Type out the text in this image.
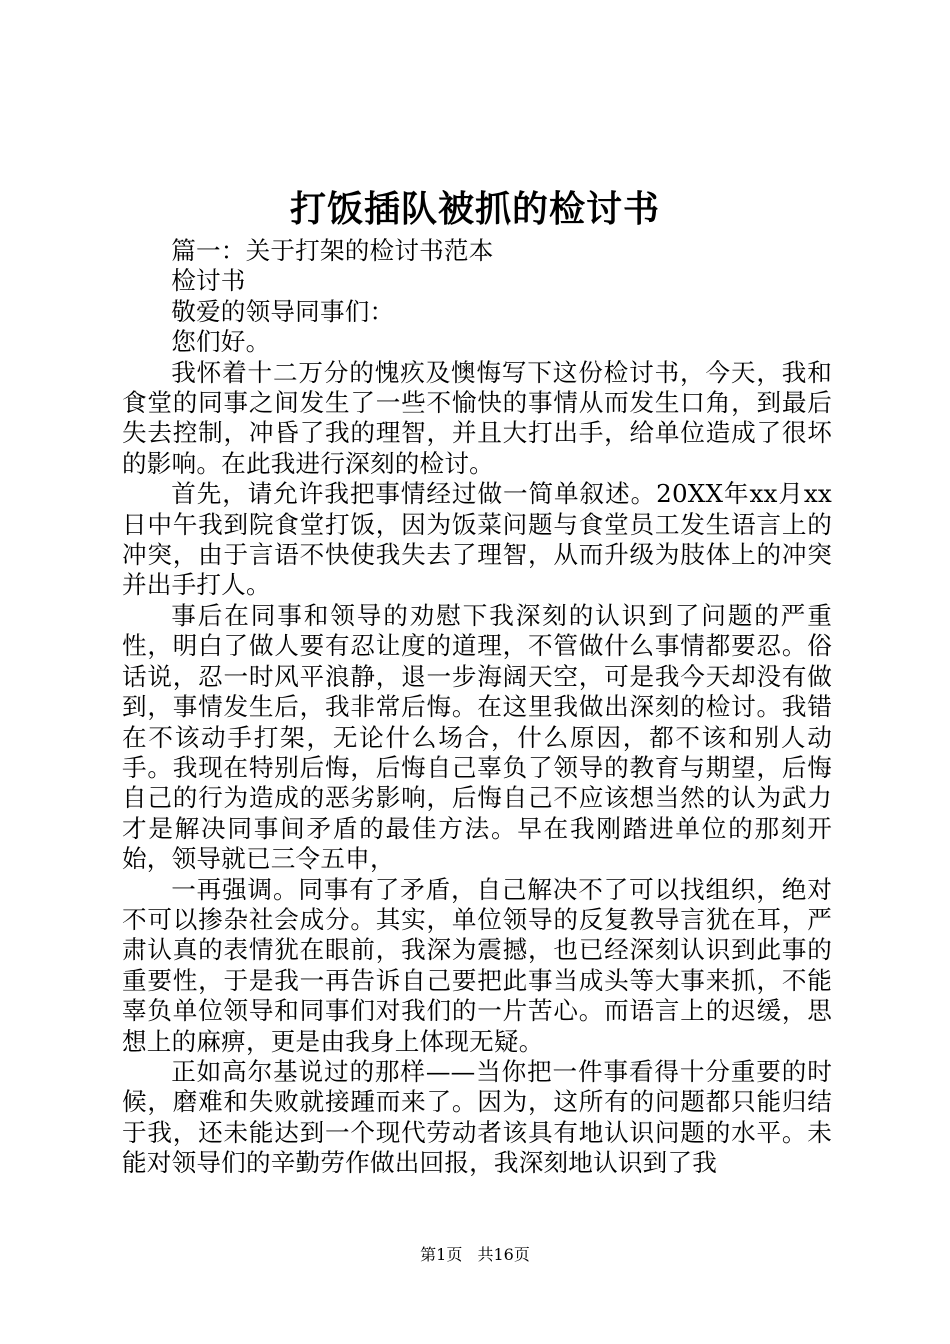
打饭插队被抓的检讨书

篇一：关于打架的检讨书范本

检讨书

敬爱的领导同事们：

您们好。

我怀着十二万分的愧疚及懊悔写下这份检讨书，今天，我和食堂的同事之间发生了一些不愉快的事情从而发生口角，到最后失去控制，冲昏了我的理智，并且大打出手，给单位造成了很坏的影响。在此我进行深刻的检讨。

首先，请允许我把事情经过做一简单叙述。20XX年xx月xx日中午我到院食堂打饭，因为饭菜问题与食堂员工发生语言上的冲突，由于言语不快使我失去了理智，从而升级为肢体上的冲突并出手打人。

事后在同事和领导的劝慰下我深刻的认识到了问题的严重性，明白了做人要有忍让度的道理，不管做什么事情都要忍。俗话说，忍一时风平浪静，退一步海阔天空，可是我今天却没有做到，事情发生后，我非常后悔。在这里我做出深刻的检讨。我错在不该动手打架，无论什么场合，什么原因，都不该和别人动手。我现在特别后悔，后悔自己辜负了领导的教育与期望，后悔自己的行为造成的恶劣影响，后悔自己不应该想当然的认为武力才是解决同事间矛盾的最佳方法。早在我刚踏进单位的那刻开始，领导就已三令五申，

一再强调。同事有了矛盾，自己解决不了可以找组织，绝对不可以掺杂社会成分。其实，单位领导的反复教导言犹在耳，严肃认真的表情犹在眼前，我深为震撼，也已经深刻认识到此事的重要性，于是我一再告诉自己要把此事当成头等大事来抓，不能辜负单位领导和同事们对我们的一片苦心。而语言上的迟缓，思想上的麻痹，更是由我身上体现无疑。

正如高尔基说过的那样——当你把一件事看得十分重要的时候，磨难和失败就接踵而来了。因为，这所有的问题都只能归结于我，还未能达到一个现代劳动者该具有地认识问题的水平。未能对领导们的辛勤劳作做出回报，我深刻地认识到了我

第1页 共16页
